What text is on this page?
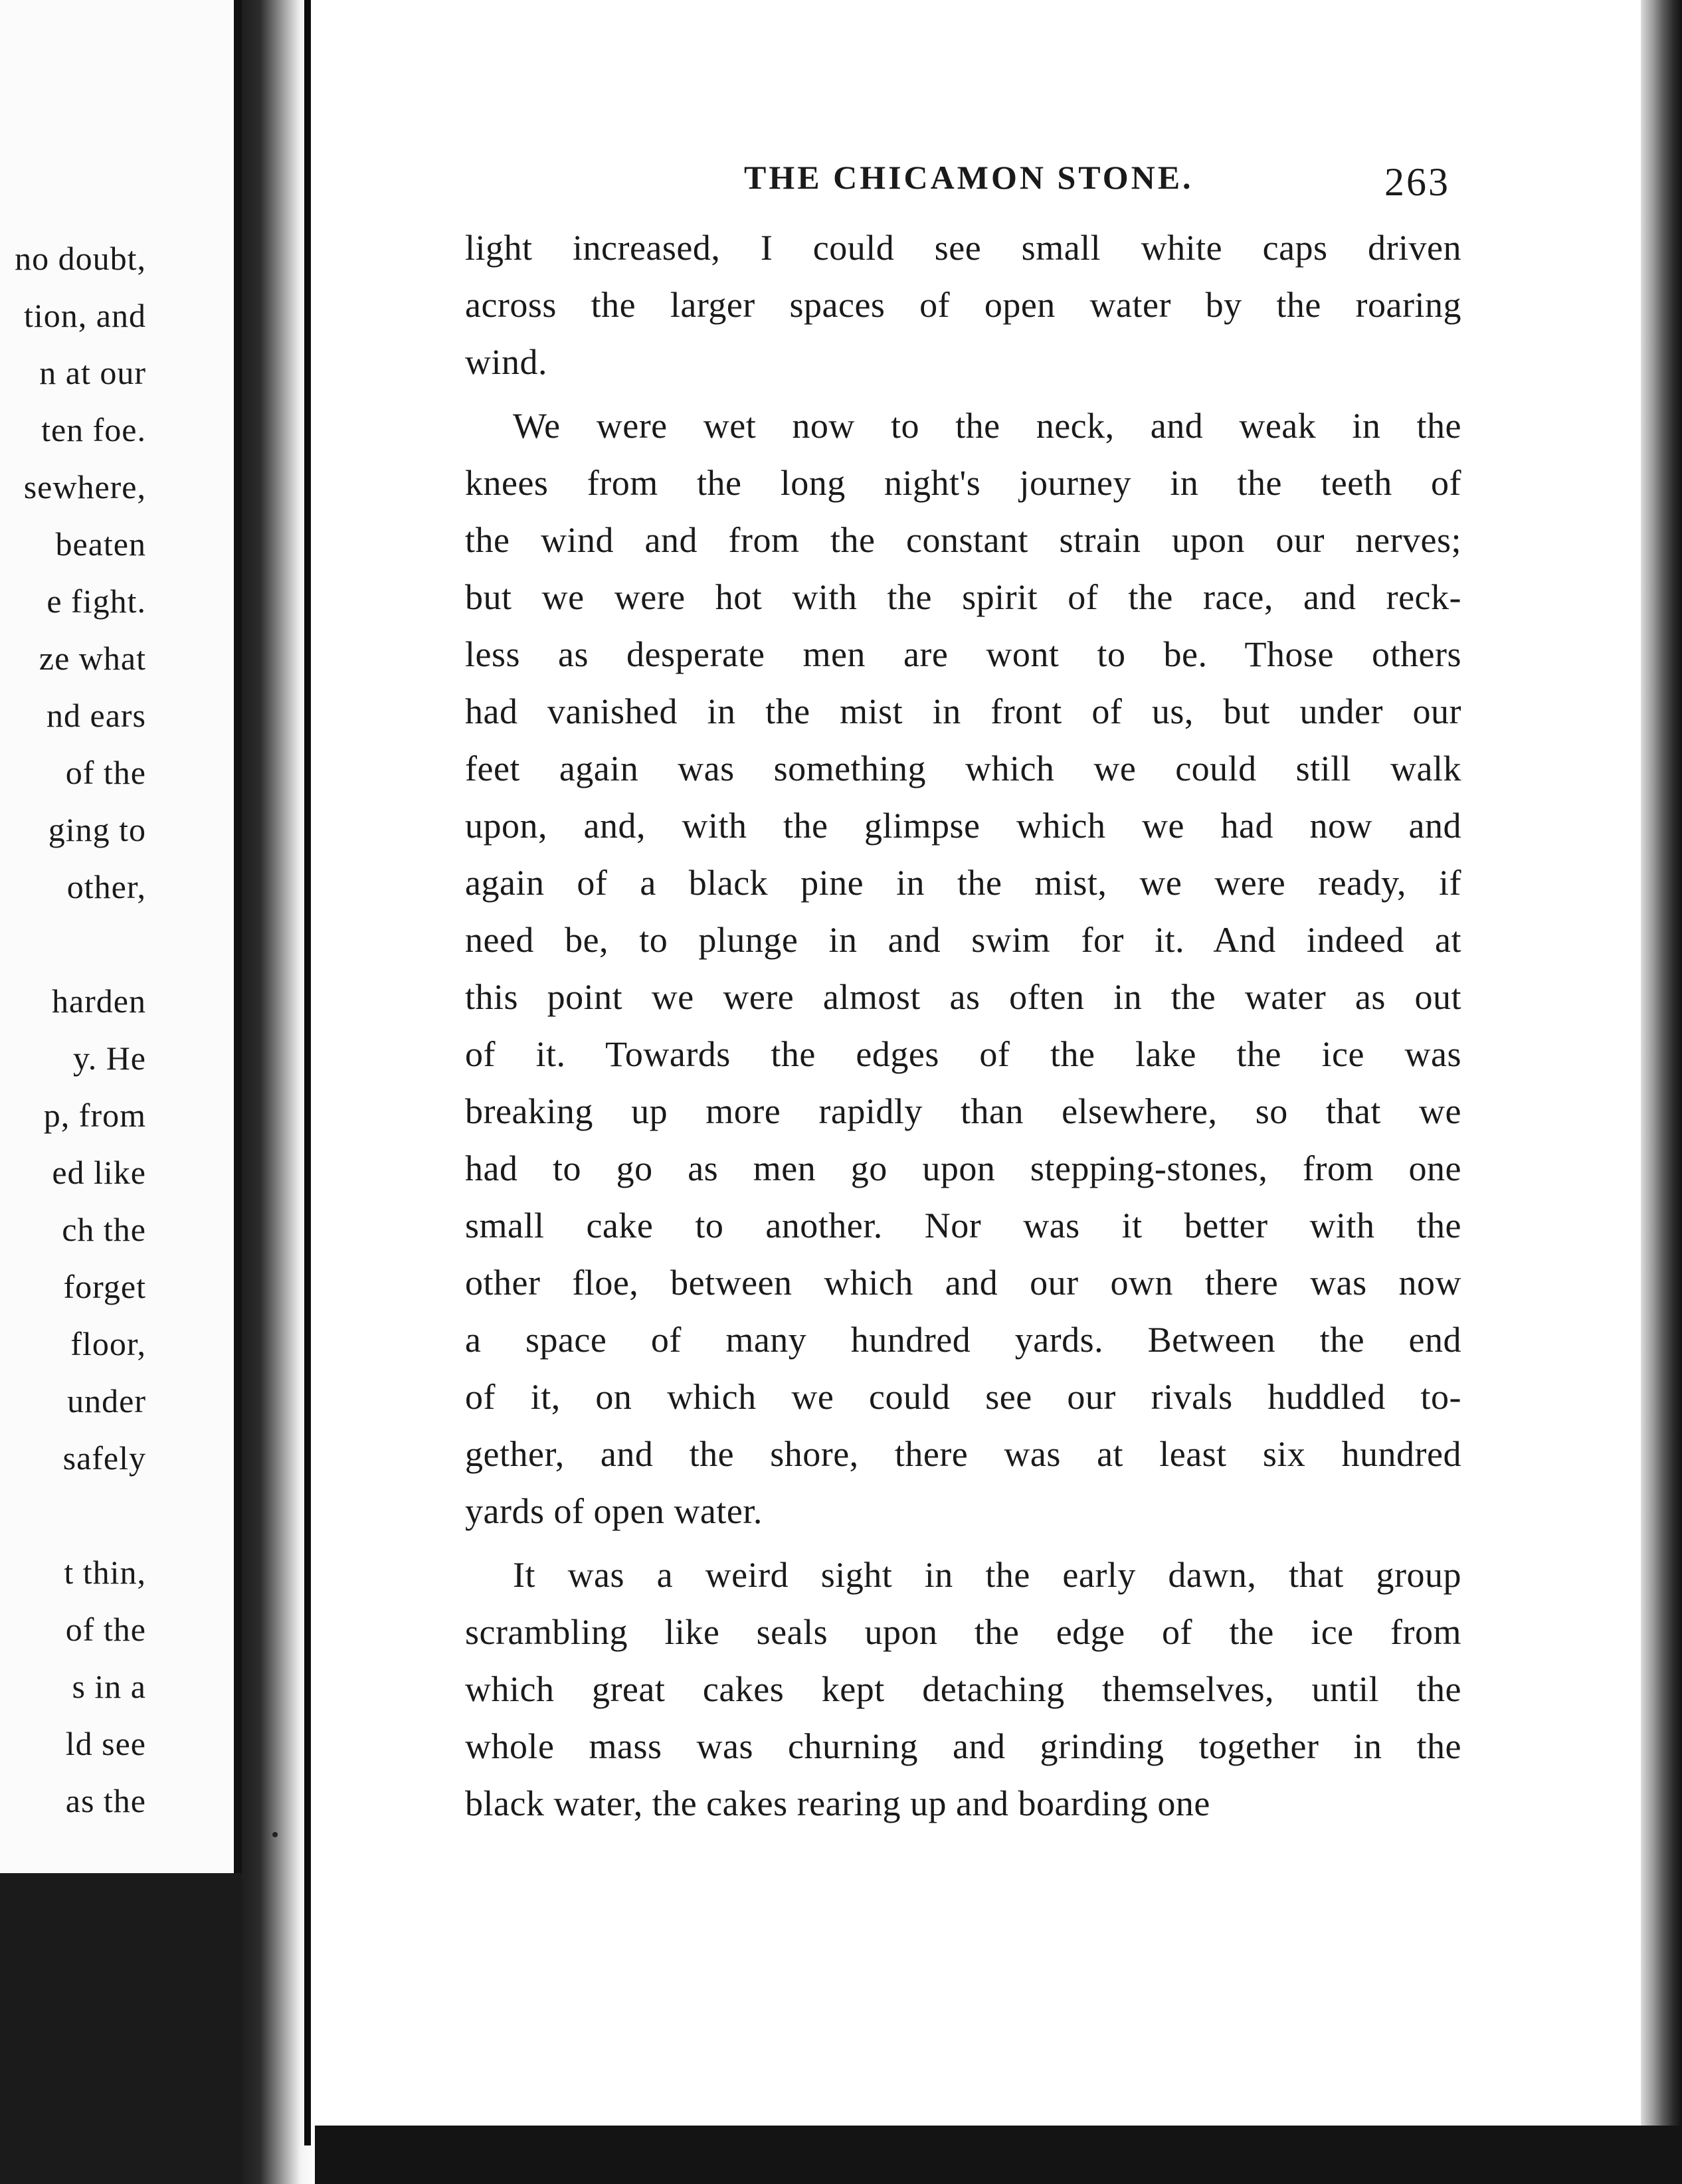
no doubt,
tion, and
n at our
ten foe.
sewhere,
beaten
e fight.
ze what
nd ears
of the
ging to
other,
harden
y. He
p, from
ed like
ch the
forget
floor,
under
safely
t thin,
of the
s in a
ld see
as the
THE CHICAMON STONE.	263
light increased, I could see small white caps driven
across the larger spaces of open water by the roaring
wind.
We were wet now to the neck, and weak in the
knees from the long night's journey in the teeth of
the wind and from the constant strain upon our nerves;
but we were hot with the spirit of the race, and reck-
less as desperate men are wont to be. Those others
had vanished in the mist in front of us, but under our
feet again was something which we could still walk
upon, and, with the glimpse which we had now and
again of a black pine in the mist, we were ready, if
need be, to plunge in and swim for it. And indeed at
this point we were almost as often in the water as out
of it. Towards the edges of the lake the ice was
breaking up more rapidly than elsewhere, so that we
had to go as men go upon stepping-stones, from one
small cake to another. Nor was it better with the
other floe, between which and our own there was now
a space of many hundred yards. Between the end
of it, on which we could see our rivals huddled to-
gether, and the shore, there was at least six hundred
yards of open water.
It was a weird sight in the early dawn, that group
scrambling like seals upon the edge of the ice from
which great cakes kept detaching themselves, until the
whole mass was churning and grinding together in the
black water, the cakes rearing up and boarding one
